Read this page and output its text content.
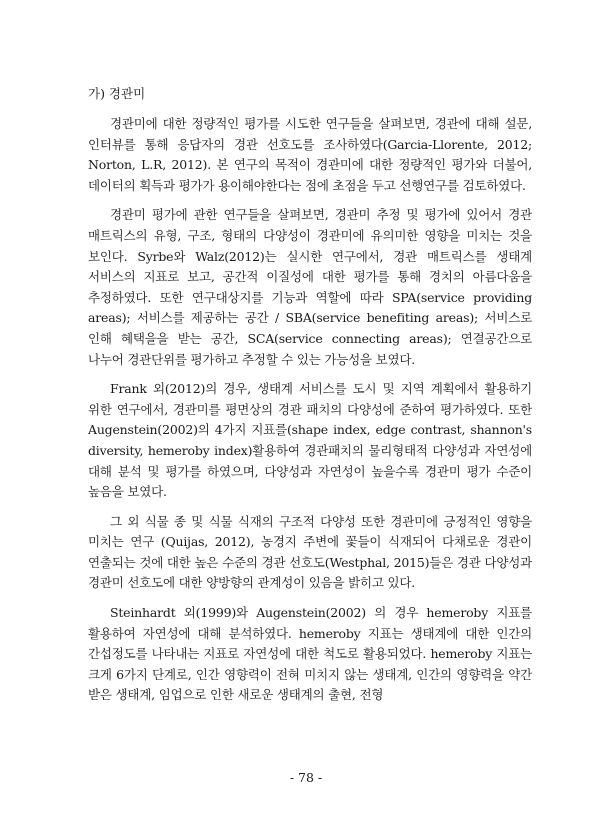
가) 경관미

경관미에 대한 정량적인 평가를 시도한 연구들을 살펴보면, 경관에 대해 설문, 인터뷰를 통해 응답자의 경관 선호도를 조사하였다(Garcia-Llorente, 2012; Norton, L.R, 2012). 본 연구의 목적이 경관미에 대한 정량적인 평가와 더불어, 데이터의 획득과 평가가 용이해야한다는 점에 초점을 두고 선행연구를 검토하였다.

경관미 평가에 관한 연구들을 살펴보면, 경관미 추정 및 평가에 있어서 경관 매트릭스의 유형, 구조, 형태의 다양성이 경관미에 유의미한 영향을 미치는 것을 보인다. Syrbe와 Walz(2012)는 실시한 연구에서, 경관 매트릭스를 생태계 서비스의 지표로 보고, 공간적 이질성에 대한 평가를 통해 경치의 아름다움을 추정하였다. 또한 연구대상지를 기능과 역할에 따라 SPA(service providing areas); 서비스를 제공하는 공간 / SBA(service benefiting areas); 서비스로 인해 혜택을을 받는 공간, SCA(service connecting areas); 연결공간으로 나누어 경관단위를 평가하고 추정할 수 있는 가능성을 보였다.

Frank 외(2012)의 경우, 생태계 서비스를 도시 및 지역 계획에서 활용하기 위한 연구에서, 경관미를 평면상의 경관 패치의 다양성에 준하여 평가하였다. 또한 Augenstein(2002)의 4가지 지표를(shape index, edge contrast, shannon's diversity, hemeroby index)활용하여 경관패치의 물리형태적 다양성과 자연성에 대해 분석 및 평가를 하였으며, 다양성과 자연성이 높을수록 경관미 평가 수준이 높음을 보였다.

그 외 식물 종 및 식물 식재의 구조적 다양성 또한 경관미에 긍정적인 영향을 미치는 연구 (Quijas, 2012), 농경지 주변에 꽃들이 식재되어 다채로운 경관이 연출되는 것에 대한 높은 수준의 경관 선호도(Westphal, 2015)들은 경관 다양성과 경관미 선호도에 대한 양방향의 관계성이 있음을 밝히고 있다.

Steinhardt 외(1999)와 Augenstein(2002) 의 경우 hemeroby 지표를 활용하여 자연성에 대해 분석하였다. hemeroby 지표는 생태계에 대한 인간의 간섭정도를 나타내는 지표로 자연성에 대한 척도로 활용되었다. hemeroby 지표는 크게 6가지 단계로, 인간 영향력이 전혀 미치지 않는 생태계, 인간의 영향력을 약간 받은 생태계, 임업으로 인한 새로운 생태계의 출현, 전형

- 78 -
